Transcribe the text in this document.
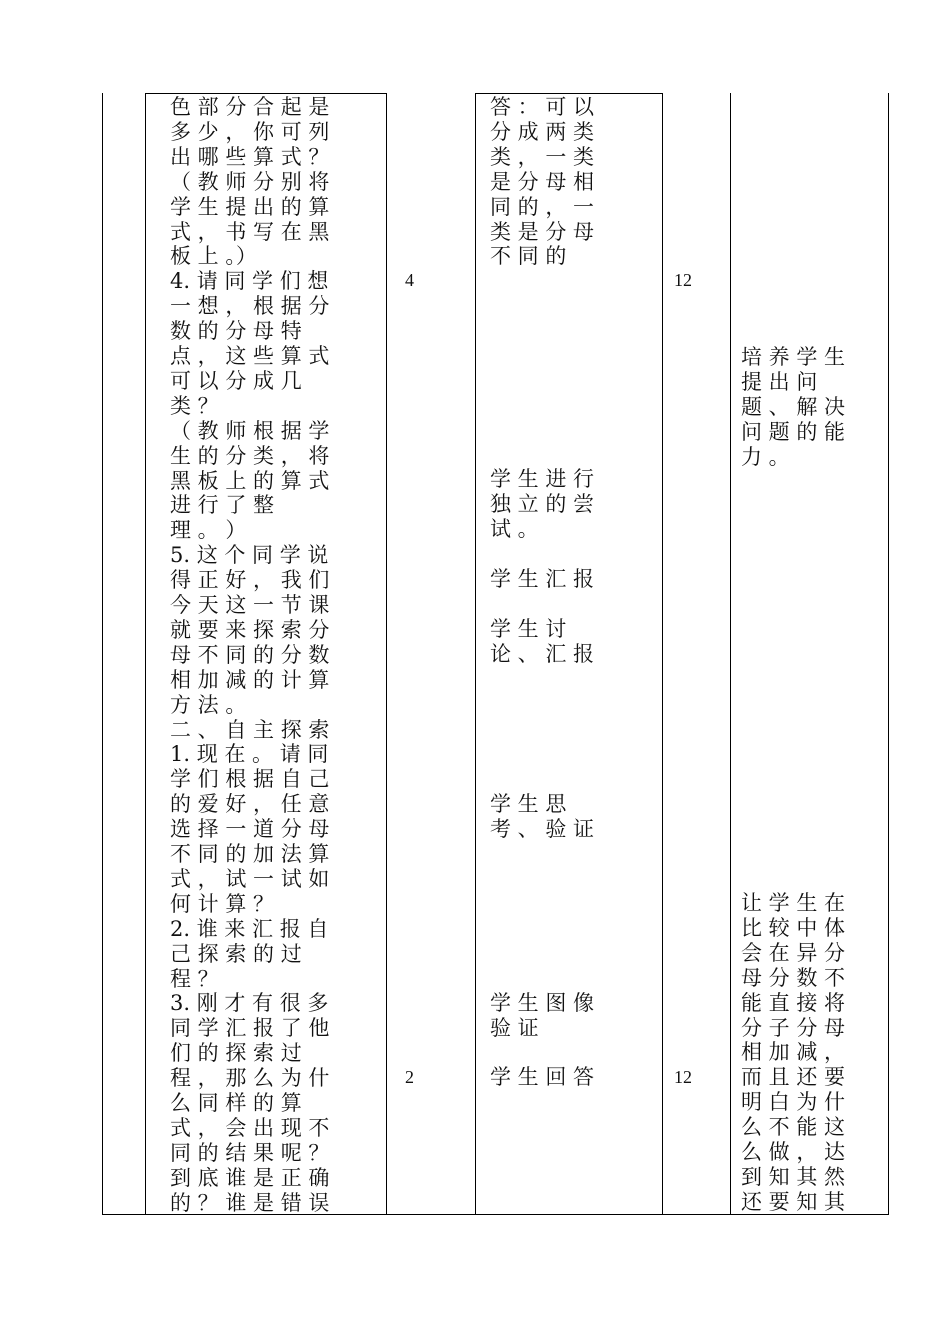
色 部 分 合 起 是
多 少 ， 你 可 列
出 哪 些 算 式 ？
（ 教 师 分 别 将
学 生 提 出 的 算
式 ， 书 写 在 黑
板 上 。）
4. 请 同 学 们 想
一 想 ， 根 据 分
数 的 分 母 特
点 ， 这 些 算 式
可 以 分 成 几
类 ？
（ 教 师 根 据 学
生 的 分 类 ， 将
黑 板 上 的 算 式
进 行 了 整
理 。 ）
5. 这 个 同 学 说
得 正 好 ， 我 们
今 天 这 一 节 课
就 要 来 探 索 分
母 不 同 的 分 数
相 加 减 的 计 算
方 法 。
二 、 自 主 探 索
1. 现 在 。 请 同
学 们 根 据 自 己
的 爱 好 ， 任 意
选 择 一 道 分 母
不 同 的 加 法 算
式 ， 试 一 试 如
何 计 算 ？
2. 谁 来 汇 报 自
己 探 索 的 过
程 ？
3. 刚 才 有 很 多
同 学 汇 报 了 他
们 的 探 索 过
程 ， 那 么 为 什
么 同 样 的 算
式 ， 会 出 现 不
同 的 结 果 呢 ？
到 底 谁 是 正 确
的 ？ 谁 是 错 误
4
2
答 ： 可 以
分 成 两 类
类 ， 一 类
是 分 母 相
同 的 ， 一
类 是 分 母
不 同 的
学 生 进 行
独 立 的 尝
试 。
学 生 汇 报
学 生 讨
论 、 汇 报
学 生 思
考 、 验 证
学 生 图 像
验 证
学 生 回 答
12
12
培 养 学 生
提 出 问
题 、 解 决
问 题 的 能
力 。
让 学 生 在
比 较 中 体
会 在 异 分
母 分 数 不
能 直 接 将
分 子 分 母
相 加 减 ，
而 且 还 要
明 白 为 什
么 不 能 这
么 做 ， 达
到 知 其 然
还 要 知 其
